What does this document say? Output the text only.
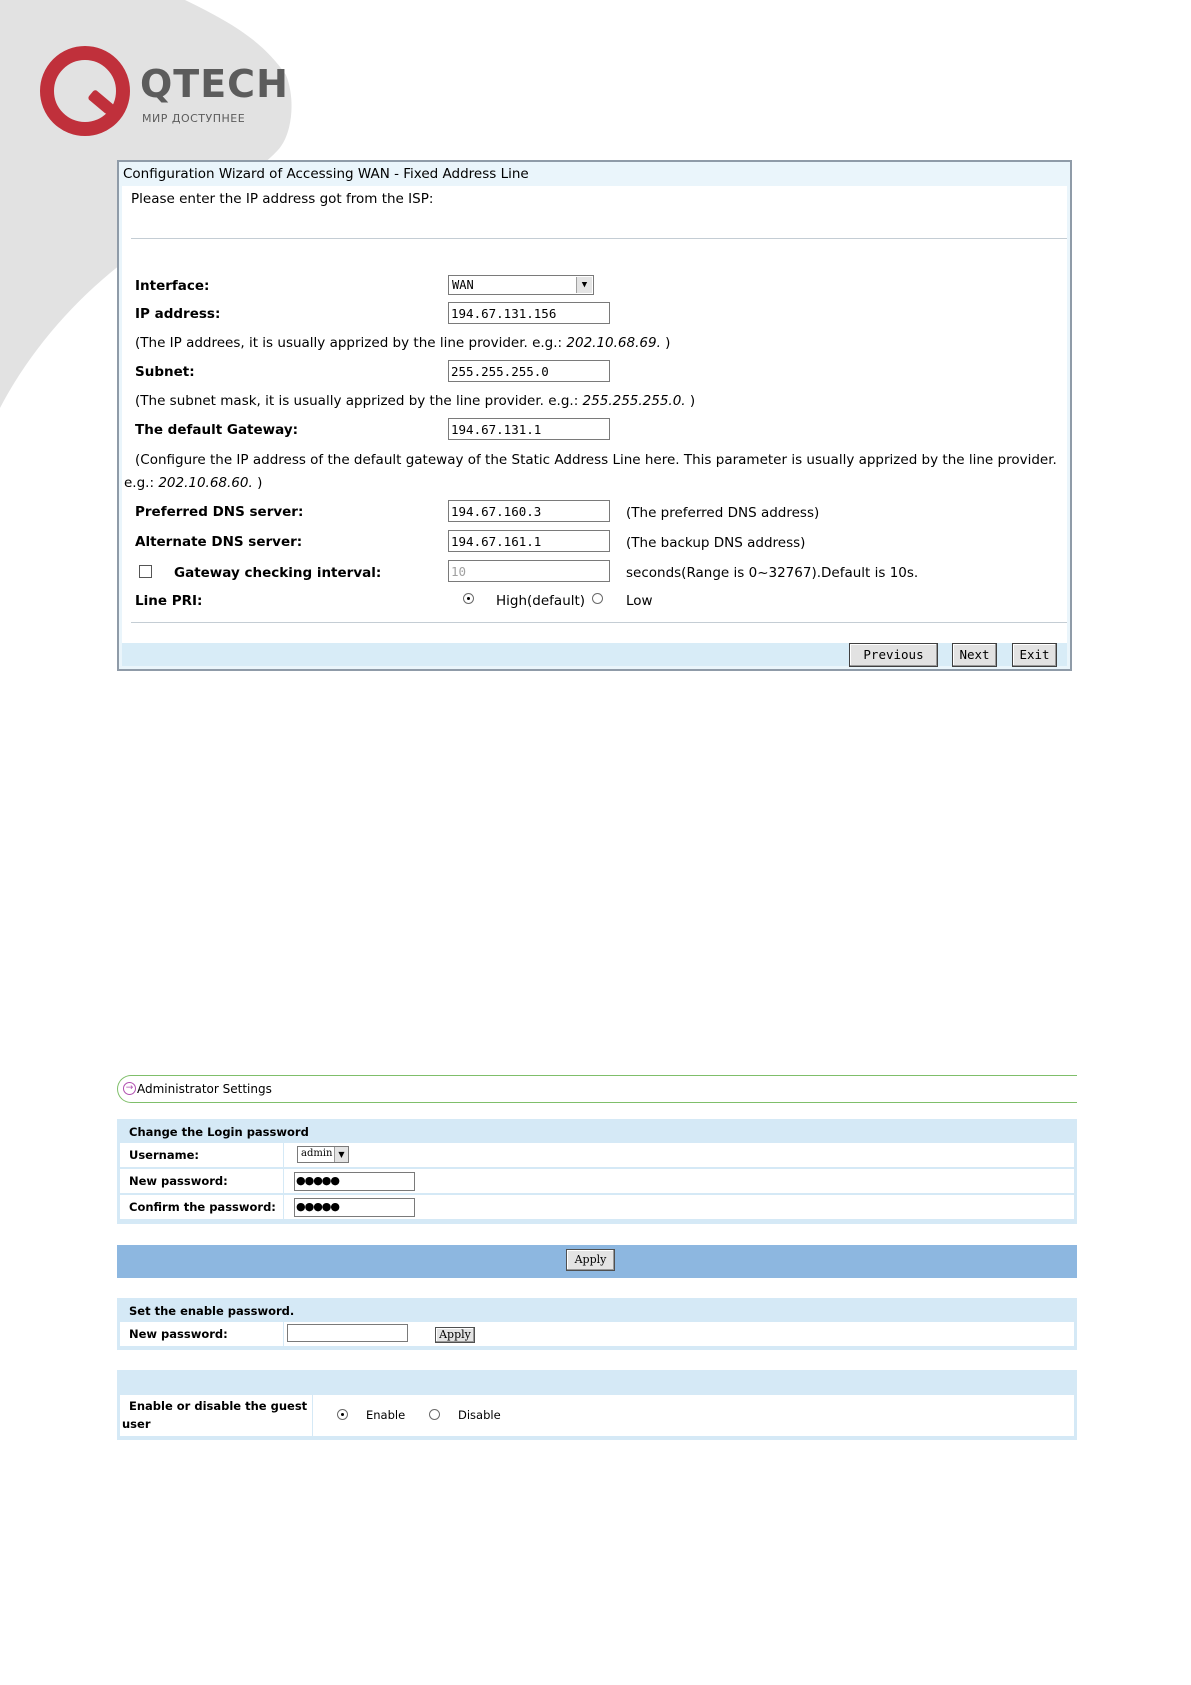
QTECH
МИР ДОСТУПНЕЕ
Configuration Wizard of Accessing WAN - Fixed Address Line
Please enter the IP address got from the ISP:
Interface:	WAN	▼
IP address:	194.67.131.156
(The IP addrees, it is usually apprized by the line provider. e.g.: 202.10.68.69. )
Subnet:	255.255.255.0
(The subnet mask, it is usually apprized by the line provider. e.g.: 255.255.255.0. )
The default Gateway:	194.67.131.1
(Configure the IP address of the default gateway of the Static Address Line here. This parameter is usually apprized by the line provider.
e.g.: 202.10.68.60. )
Preferred DNS server:	194.67.160.3	(The preferred DNS address)
Alternate DNS server:	194.67.161.1	(The backup DNS address)
Gateway checking interval:	10	seconds(Range is 0~32767).Default is 10s.
Line PRI:	High(default)	Low
Previous	Next	Exit
→ Administrator Settings
Change the Login password
Username:	admin ▼
New password:	●●●●●
Confirm the password: ●●●●●
Apply
Set the enable password.
New password:	Apply
Enable or disable the guest
user
Enable	Disable
